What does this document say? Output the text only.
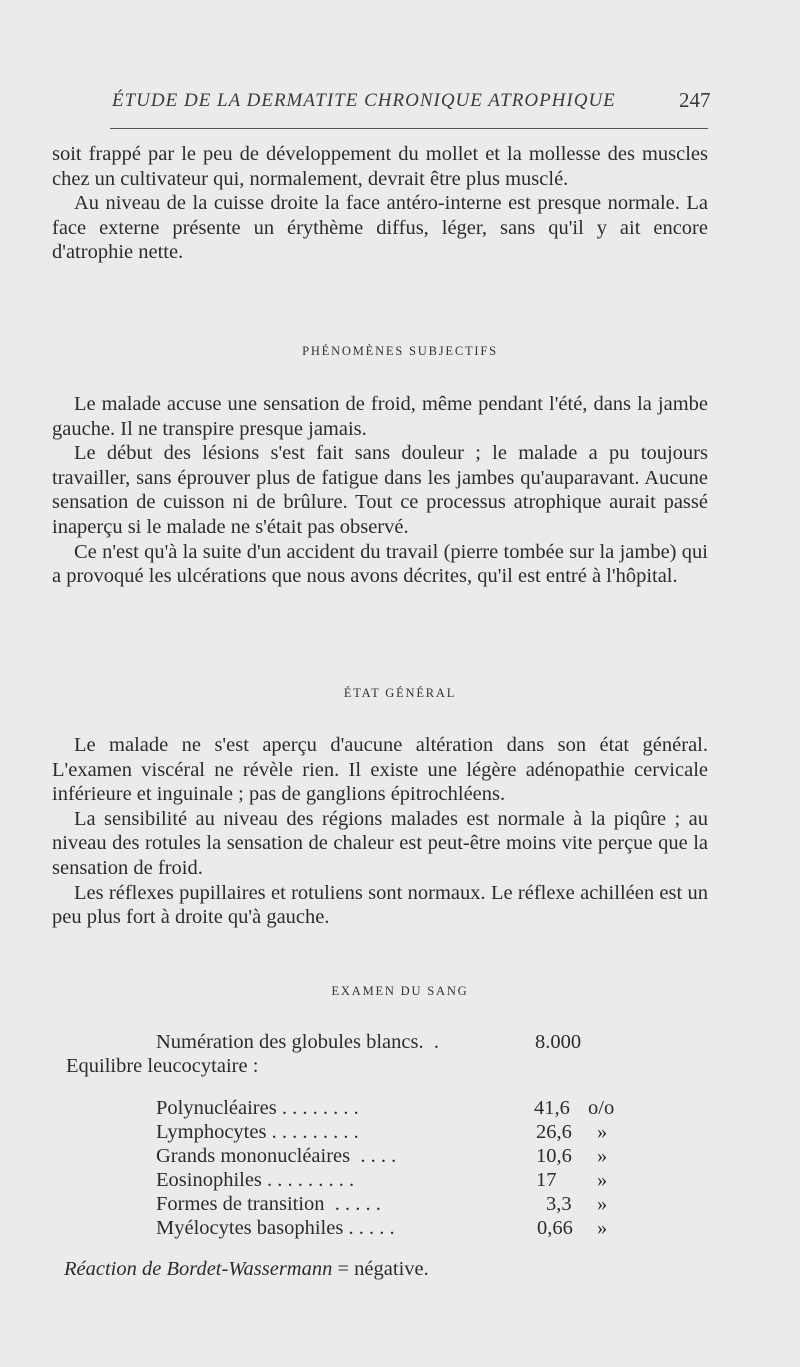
ÉTUDE DE LA DERMATITE CHRONIQUE ATROPHIQUE	247

soit frappé par le peu de développement du mollet et la mollesse des muscles chez un cultivateur qui, normalement, devrait être plus musclé.

Au niveau de la cuisse droite la face antéro-interne est presque normale. La face externe présente un érythème diffus, léger, sans qu'il y ait encore d'atrophie nette.

PHÉNOMÈNES SUBJECTIFS

Le malade accuse une sensation de froid, même pendant l'été, dans la jambe gauche. Il ne transpire presque jamais.

Le début des lésions s'est fait sans douleur ; le malade a pu toujours travailler, sans éprouver plus de fatigue dans les jambes qu'auparavant. Aucune sensation de cuisson ni de brûlure. Tout ce processus atrophique aurait passé inaperçu si le malade ne s'était pas observé.

Ce n'est qu'à la suite d'un accident du travail (pierre tombée sur la jambe) qui a provoqué les ulcérations que nous avons décrites, qu'il est entré à l'hôpital.

ÉTAT GÉNÉRAL

Le malade ne s'est aperçu d'aucune altération dans son état général. L'examen viscéral ne révèle rien. Il existe une légère adénopathie cervicale inférieure et inguinale ; pas de ganglions épitrochléens.

La sensibilité au niveau des régions malades est normale à la piqûre ; au niveau des rotules la sensation de chaleur est peut-être moins vite perçue que la sensation de froid.

Les réflexes pupillaires et rotuliens sont normaux. Le réflexe achilléen est un peu plus fort à droite qu'à gauche.

EXAMEN DU SANG
Numération des globules blancs.  .	8.000
Equilibre leucocytaire :
Polynucléaires . . . . . . . .	41,6 o/o
Lymphocytes . . . . . . . . .	26,6 »
Grands mononucléaires  . . . .	10,6 »
Eosinophiles . . . . . . . . .	17 »
Formes de transition  . . . . .	3,3 »
Myélocytes basophiles . . . . .	0,66 »
Réaction de Bordet-Wassermann = négative.
